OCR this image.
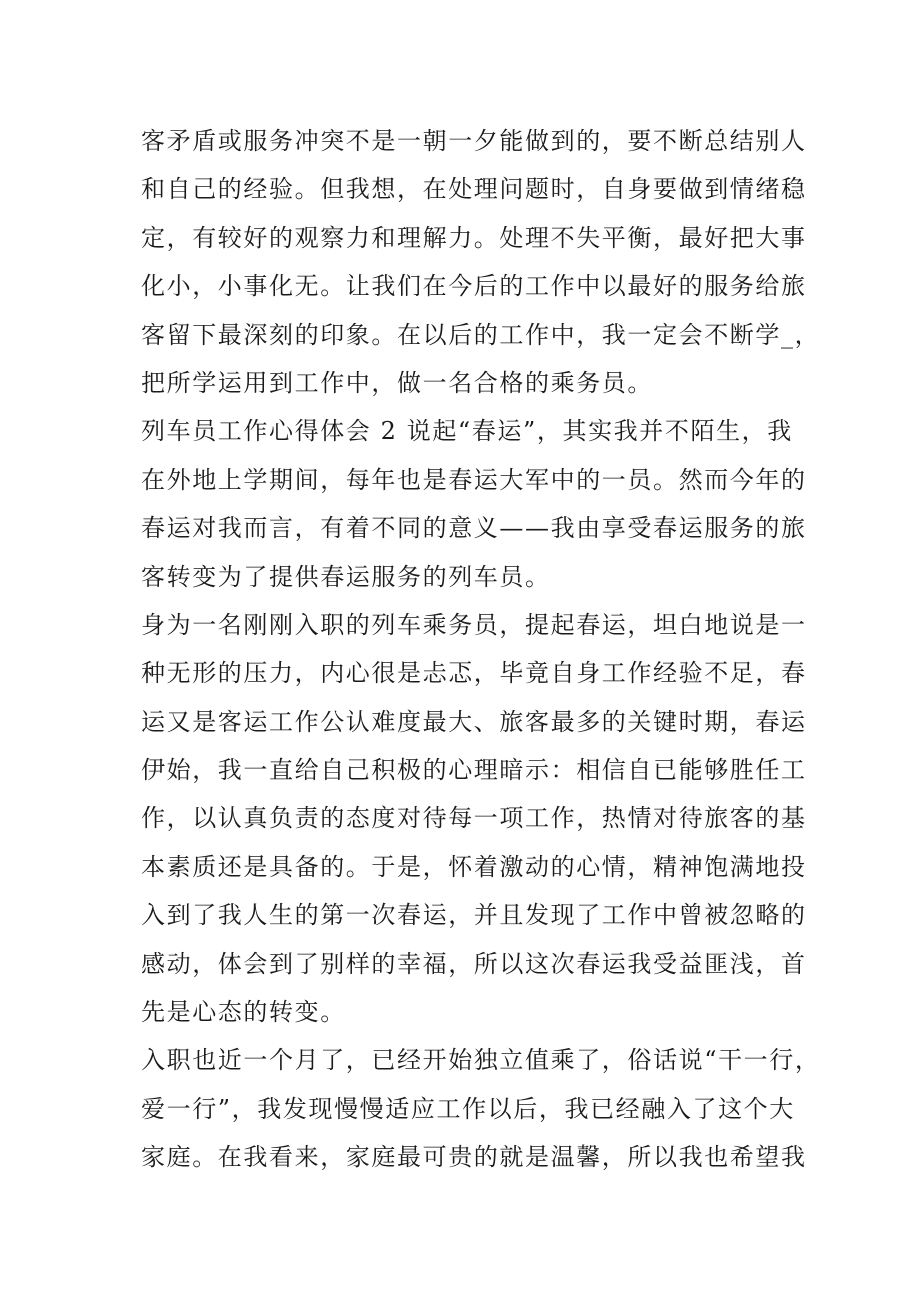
客矛盾或服务冲突不是一朝一夕能做到的，要不断总结别人
和自己的经验。但我想，在处理问题时，自身要做到情绪稳
定，有较好的观察力和理解力。处理不失平衡，最好把大事
化小，小事化无。让我们在今后的工作中以最好的服务给旅
客留下最深刻的印象。在以后的工作中，我一定会不断学_，
把所学运用到工作中，做一名合格的乘务员。

列车员工作心得体会 2 说起“春运”，其实我并不陌生，我
在外地上学期间，每年也是春运大军中的一员。然而今年的
春运对我而言，有着不同的意义——我由享受春运服务的旅
客转变为了提供春运服务的列车员。

身为一名刚刚入职的列车乘务员，提起春运，坦白地说是一
种无形的压力，内心很是忐忑，毕竟自身工作经验不足，春
运又是客运工作公认难度最大、旅客最多的关键时期，春运
伊始，我一直给自己积极的心理暗示：相信自已能够胜任工
作，以认真负责的态度对待每一项工作，热情对待旅客的基
本素质还是具备的。于是，怀着激动的心情，精神饱满地投
入到了我人生的第一次春运，并且发现了工作中曾被忽略的
感动，体会到了别样的幸福，所以这次春运我受益匪浅，首
先是心态的转变。

入职也近一个月了，已经开始独立值乘了，俗话说“干一行，
爱一行”，我发现慢慢适应工作以后，我已经融入了这个大
家庭。在我看来，家庭最可贵的就是温馨，所以我也希望我
